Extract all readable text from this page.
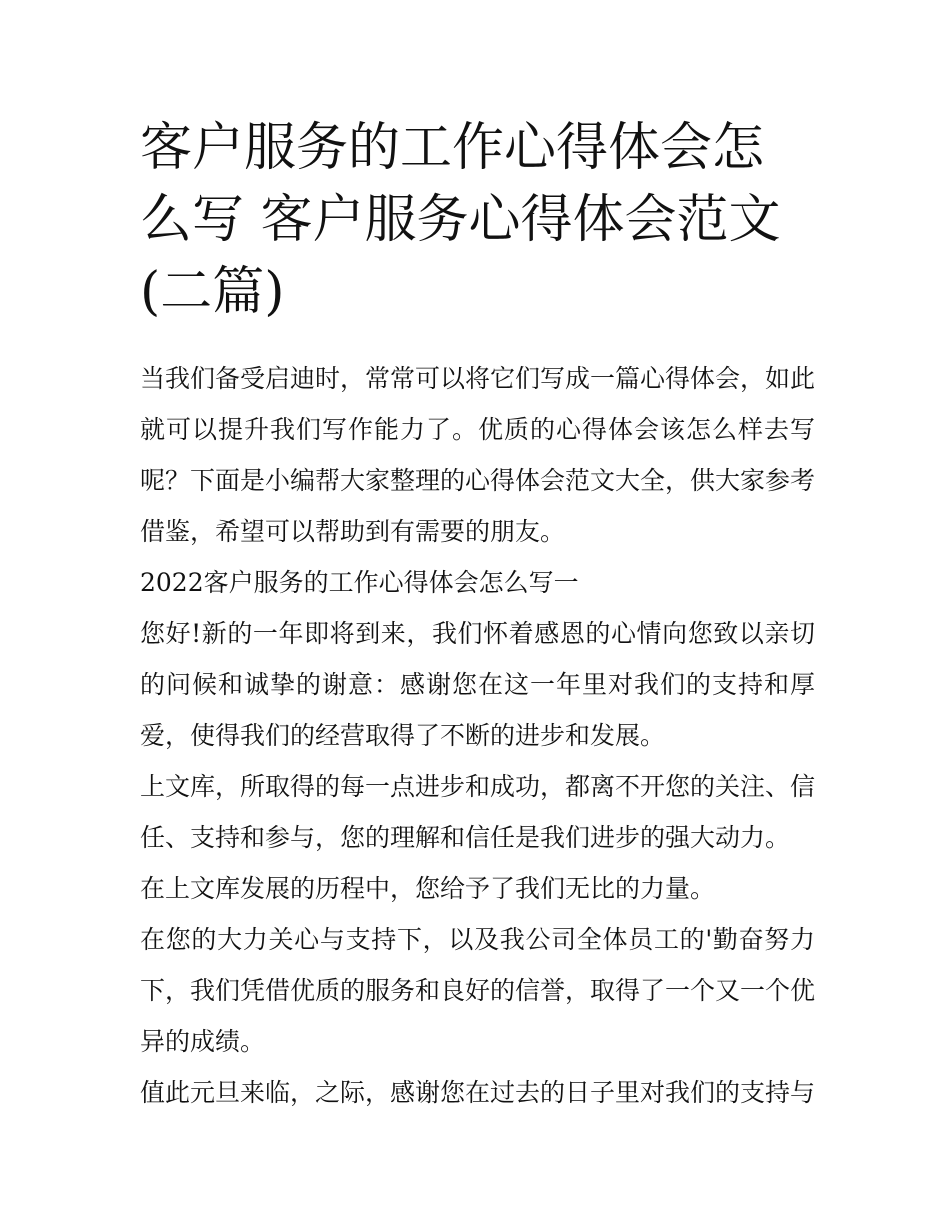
客户服务的工作心得体会怎么写 客户服务心得体会范文(二篇)

当我们备受启迪时，常常可以将它们写成一篇心得体会，如此就可以提升我们写作能力了。优质的心得体会该怎么样去写呢？下面是小编帮大家整理的心得体会范文大全，供大家参考借鉴，希望可以帮助到有需要的朋友。

2022客户服务的工作心得体会怎么写一

您好!新的一年即将到来，我们怀着感恩的心情向您致以亲切的问候和诚挚的谢意：感谢您在这一年里对我们的支持和厚爱，使得我们的经营取得了不断的进步和发展。

上文库，所取得的每一点进步和成功，都离不开您的关注、信任、支持和参与，您的理解和信任是我们进步的强大动力。

在上文库发展的历程中，您给予了我们无比的力量。

在您的大力关心与支持下，以及我公司全体员工的'勤奋努力下，我们凭借优质的服务和良好的信誉，取得了一个又一个优异的成绩。

值此元旦来临，之际，感谢您在过去的日子里对我们的支持与
